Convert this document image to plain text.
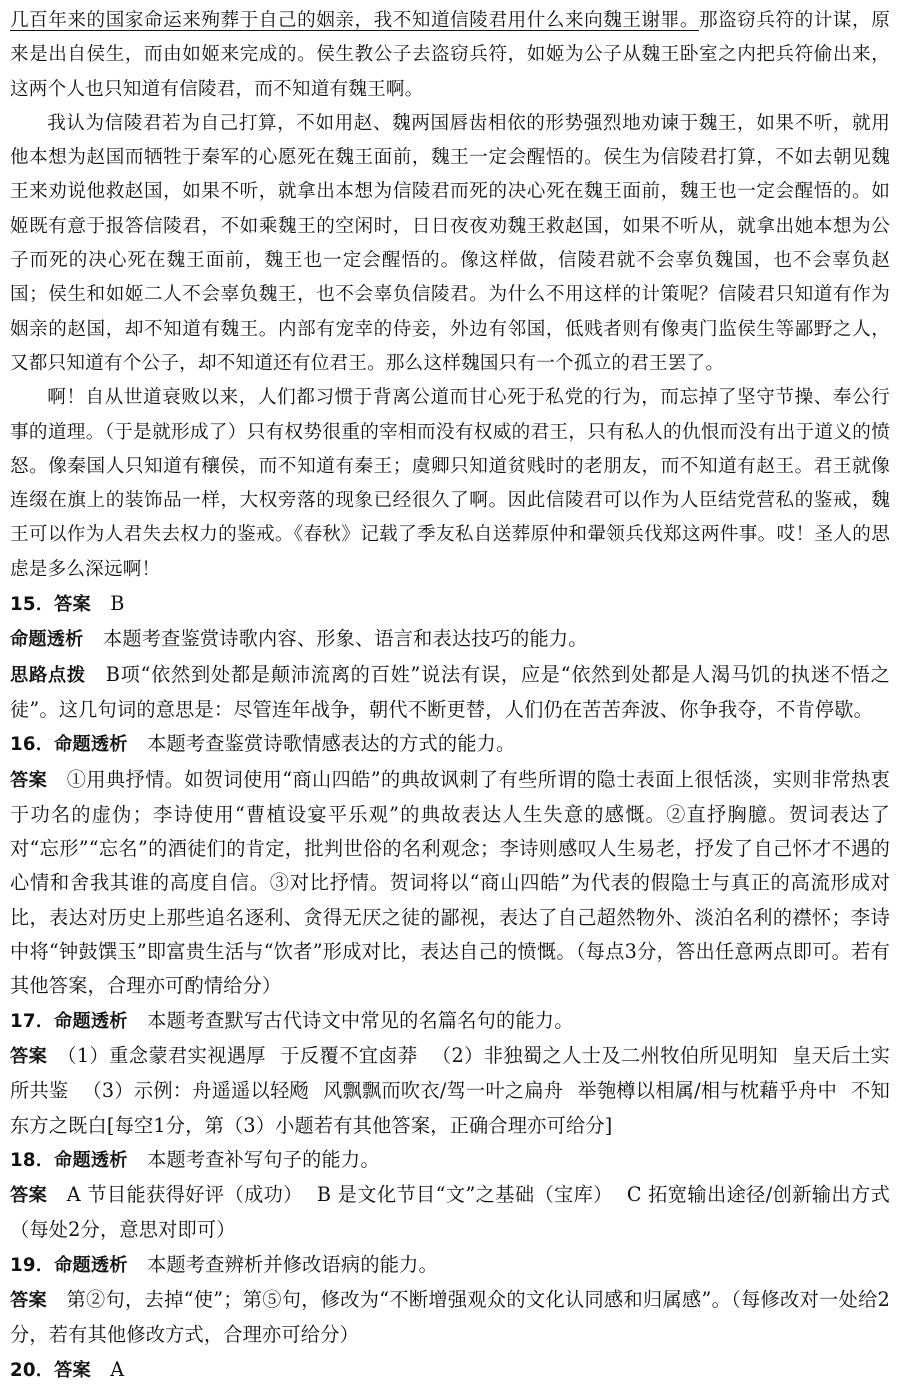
几百年来的国家命运来殉葬于自己的姻亲，我不知道信陵君用什么来向魏王谢罪。那盗窃兵符的计谋，原来是出自侯生，而由如姬来完成的。侯生教公子去盗窃兵符，如姬为公子从魏王卧室之内把兵符偷出来，这两个人也只知道有信陵君，而不知道有魏王啊。

我认为信陵君若为自己打算，不如用赵、魏两国唇齿相依的形势强烈地劝谏于魏王，如果不听，就用他本想为赵国而牺牲于秦军的心愿死在魏王面前，魏王一定会醒悟的。侯生为信陵君打算，不如去朝见魏王来劝说他救赵国，如果不听，就拿出本想为信陵君而死的决心死在魏王面前，魏王也一定会醒悟的。如姬既有意于报答信陵君，不如乘魏王的空闲时，日日夜夜劝魏王救赵国，如果不听从，就拿出她本想为公子而死的决心死在魏王面前，魏王也一定会醒悟的。像这样做，信陵君就不会辜负魏国，也不会辜负赵国；侯生和如姬二人不会辜负魏王，也不会辜负信陵君。为什么不用这样的计策呢？信陵君只知道有作为姻亲的赵国，却不知道有魏王。内部有宠幸的侍妾，外边有邻国，低贱者则有像夷门监侯生等鄙野之人，又都只知道有个公子，却不知道还有位君王。那么这样魏国只有一个孤立的君王罢了。

啊！自从世道衰败以来，人们都习惯于背离公道而甘心死于私党的行为，而忘掉了坚守节操、奉公行事的道理。（于是就形成了）只有权势很重的宰相而没有权威的君王，只有私人的仇恨而没有出于道义的愤怒。像秦国人只知道有穰侯，而不知道有秦王；虞卿只知道贫贱时的老朋友，而不知道有赵王。君王就像连缀在旗上的装饰品一样，大权旁落的现象已经很久了啊。因此信陵君可以作为人臣结党营私的鉴戒，魏王可以作为人君失去权力的鉴戒。《春秋》记载了季友私自送葬原仲和翬领兵伐郑这两件事。哎！圣人的思虑是多么深远啊！

15．答案　 B

命题透析　 本题考查鉴赏诗歌内容、形象、语言和表达技巧的能力。

思路点拨　 B项“依然到处都是颠沛流离的百姓”说法有误，应是“依然到处都是人渴马饥的执迷不悟之徒”。这几句词的意思是：尽管连年战争，朝代不断更替，人们仍在苦苦奔波、你争我夺，不肯停歇。

16．命题透析　 本题考查鉴赏诗歌情感表达的方式的能力。

答案　 ①用典抒情。如贺词使用“商山四皓”的典故讽刺了有些所谓的隐士表面上很恬淡，实则非常热衷于功名的虚伪；李诗使用“曹植设宴平乐观”的典故表达人生失意的感慨。②直抒胸臆。贺词表达了对“忘形”“忘名”的酒徒们的肯定，批判世俗的名利观念；李诗则感叹人生易老，抒发了自己怀才不遇的心情和舍我其谁的高度自信。③对比抒情。贺词将以“商山四皓”为代表的假隐士与真正的高流形成对比，表达对历史上那些追名逐利、贪得无厌之徒的鄙视，表达了自己超然物外、淡泊名利的襟怀；李诗中将“钟鼓馔玉”即富贵生活与“饮者”形成对比，表达自己的愤慨。（每点3分，答出任意两点即可。若有其他答案，合理亦可酌情给分）

17．命题透析　 本题考查默写古代诗文中常见的名篇名句的能力。

答案　 （1）重念蒙君实视遇厚 于反覆不宜卤莽 （2）非独蜀之人士及二州牧伯所见明知 皇天后土实所共鉴 （3）示例：舟遥遥以轻飏 风飘飘而吹衣/驾一叶之扁舟 举匏樽以相属/相与枕藉乎舟中 不知东方之既白[每空1分，第（3）小题若有其他答案，正确合理亦可给分]

18．命题透析　 本题考查补写句子的能力。

答案　 A 节目能获得好评（成功） B 是文化节目“文”之基础（宝库） C 拓宽输出途径/创新输出方式（每处2分，意思对即可）

19．命题透析　 本题考查辨析并修改语病的能力。

答案　 第②句，去掉“使”；第⑤句，修改为“不断增强观众的文化认同感和归属感”。（每修改对一处给2分，若有其他修改方式，合理亦可给分）

20．答案　 A
